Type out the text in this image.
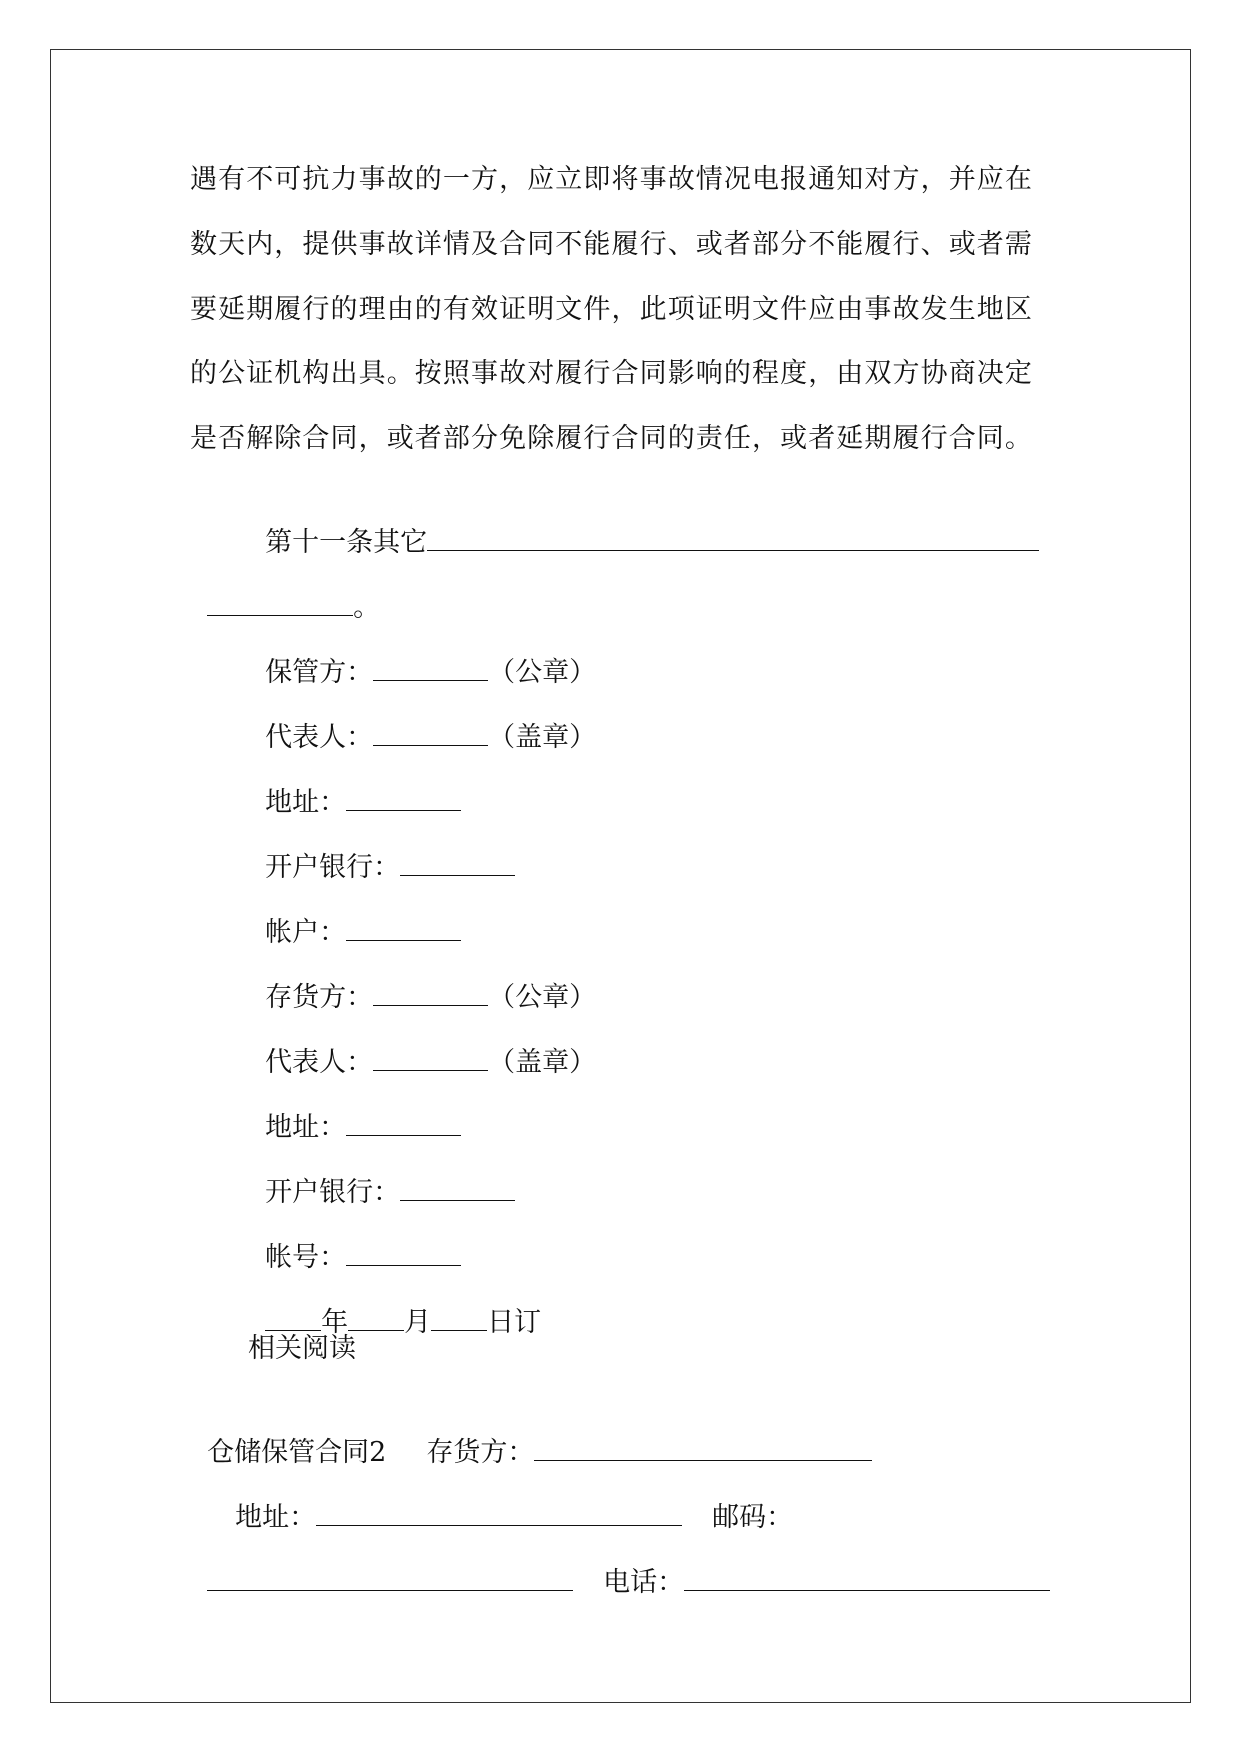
遇有不可抗力事故的一方，应立即将事故情况电报通知对方，并应在
数天内，提供事故详情及合同不能履行、或者部分不能履行、或者需
要延期履行的理由的有效证明文件，此项证明文件应由事故发生地区
的公证机构出具。按照事故对履行合同影响的程度，由双方协商决定
是否解除合同，或者部分免除履行合同的责任，或者延期履行合同。

第十一条其它

。

保管方：	（公章）

代表人：	（盖章）

地址：

开户银行：

帐户：

存货方：	（公章）

代表人：	（盖章）

地址：

开户银行：

帐号：

年 月 日订

相关阅读

仓储保管合同2 存货方：

地址：	邮码：

电话：
